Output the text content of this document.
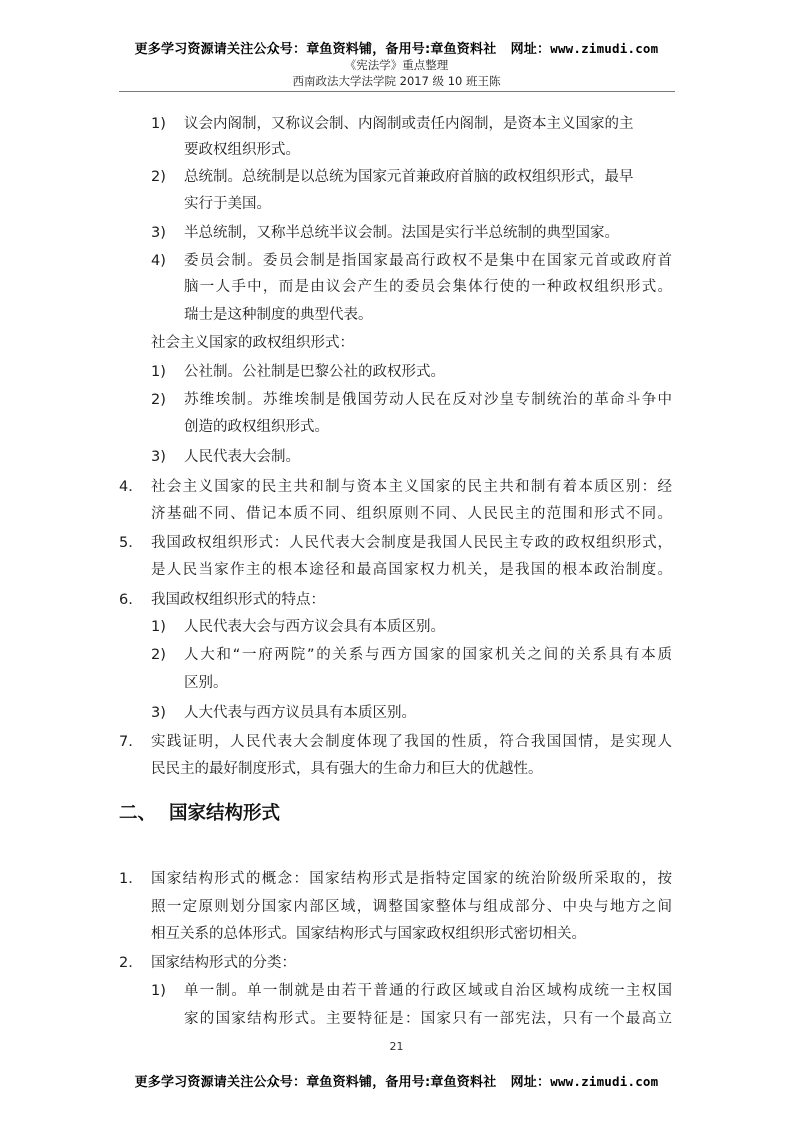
更多学习资源请关注公众号：章鱼资料铺，备用号:章鱼资料社 网址：www.zimudi.com
《宪法学》重点整理
西南政法大学法学院 2017 级 10 班王陈
1) 议会内阁制，又称议会制、内阁制或责任内阁制，是资本主义国家的主
要政权组织形式。
2) 总统制。总统制是以总统为国家元首兼政府首脑的政权组织形式，最早
实行于美国。
3) 半总统制，又称半总统半议会制。法国是实行半总统制的典型国家。
4) 委员会制。委员会制是指国家最高行政权不是集中在国家元首或政府首
脑一人手中，而是由议会产生的委员会集体行使的一种政权组织形式。
瑞士是这种制度的典型代表。
社会主义国家的政权组织形式：
1) 公社制。公社制是巴黎公社的政权形式。
2) 苏维埃制。苏维埃制是俄国劳动人民在反对沙皇专制统治的革命斗争中
创造的政权组织形式。
3) 人民代表大会制。
4. 社会主义国家的民主共和制与资本主义国家的民主共和制有着本质区别：经
济基础不同、借记本质不同、组织原则不同、人民民主的范围和形式不同。
5. 我国政权组织形式：人民代表大会制度是我国人民民主专政的政权组织形式，
是人民当家作主的根本途径和最高国家权力机关，是我国的根本政治制度。
6. 我国政权组织形式的特点：
1) 人民代表大会与西方议会具有本质区别。
2) 人大和“一府两院”的关系与西方国家的国家机关之间的关系具有本质
区别。
3) 人大代表与西方议员具有本质区别。
7. 实践证明，人民代表大会制度体现了我国的性质，符合我国国情，是实现人
民民主的最好制度形式，具有强大的生命力和巨大的优越性。
1. 国家结构形式的概念：国家结构形式是指特定国家的统治阶级所采取的，按
照一定原则划分国家内部区域，调整国家整体与组成部分、中央与地方之间
相互关系的总体形式。国家结构形式与国家政权组织形式密切相关。
2. 国家结构形式的分类：
1) 单一制。单一制就是由若干普通的行政区域或自治区域构成统一主权国
家的国家结构形式。主要特征是：国家只有一部宪法，只有一个最高立
二、 国家结构形式
21
更多学习资源请关注公众号：章鱼资料铺，备用号:章鱼资料社 网址：www.zimudi.com
